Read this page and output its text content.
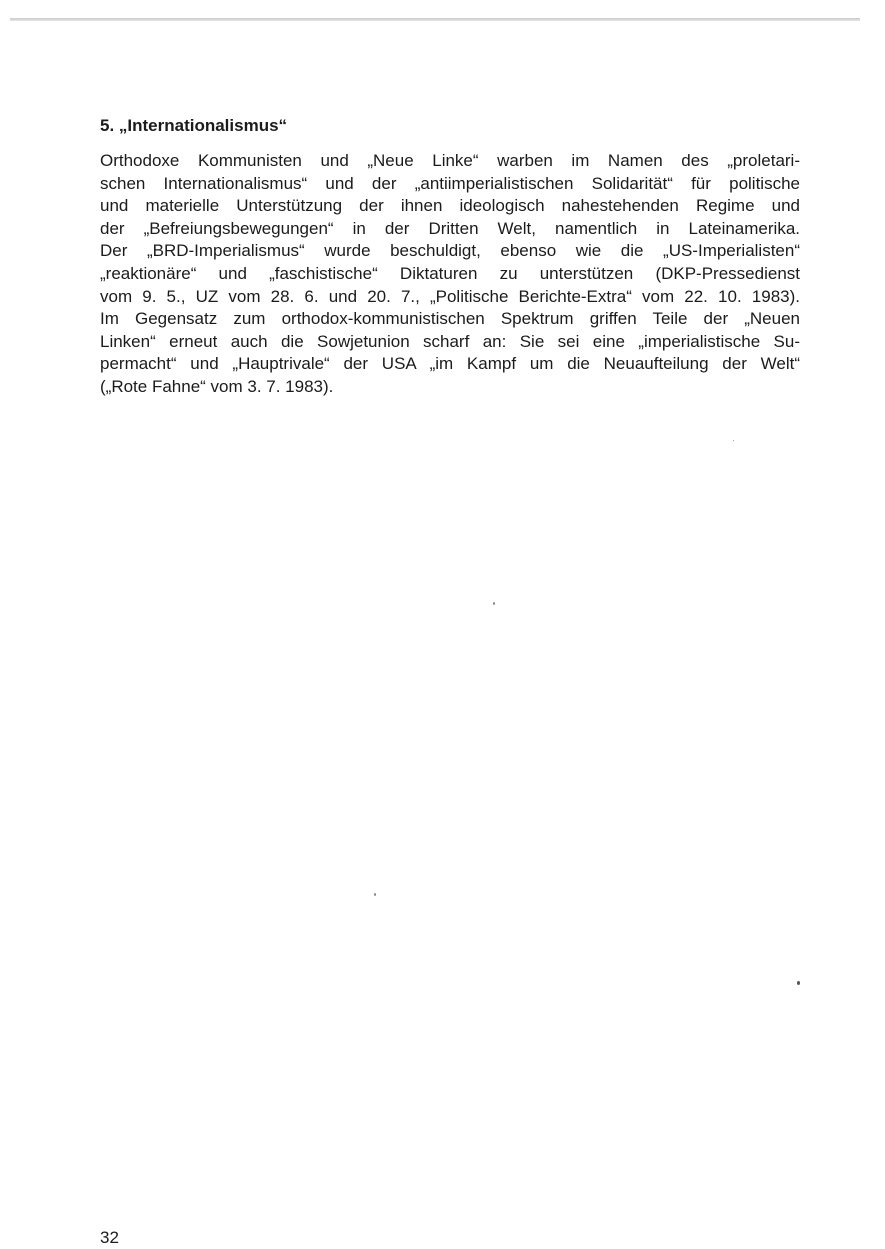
5. „Internationalismus“
Orthodoxe Kommunisten und „Neue Linke“ warben im Namen des „proletari-
schen Internationalismus“ und der „antiimperialistischen Solidarität“ für politische
und materielle Unterstützung der ihnen ideologisch nahestehenden Regime und
der „Befreiungsbewegungen“ in der Dritten Welt, namentlich in Lateinamerika.
Der „BRD-Imperialismus“ wurde beschuldigt, ebenso wie die „US-Imperialisten“
„reaktionäre“ und „faschistische“ Diktaturen zu unterstützen (DKP-Pressedienst
vom 9. 5., UZ vom 28. 6. und 20. 7., „Politische Berichte-Extra“ vom 22. 10. 1983).
Im Gegensatz zum orthodox-kommunistischen Spektrum griffen Teile der „Neuen
Linken“ erneut auch die Sowjetunion scharf an: Sie sei eine „imperialistische Su-
permacht“ und „Hauptrivale“ der USA „im Kampf um die Neuaufteilung der Welt“
(„Rote Fahne“ vom 3. 7. 1983).

32
